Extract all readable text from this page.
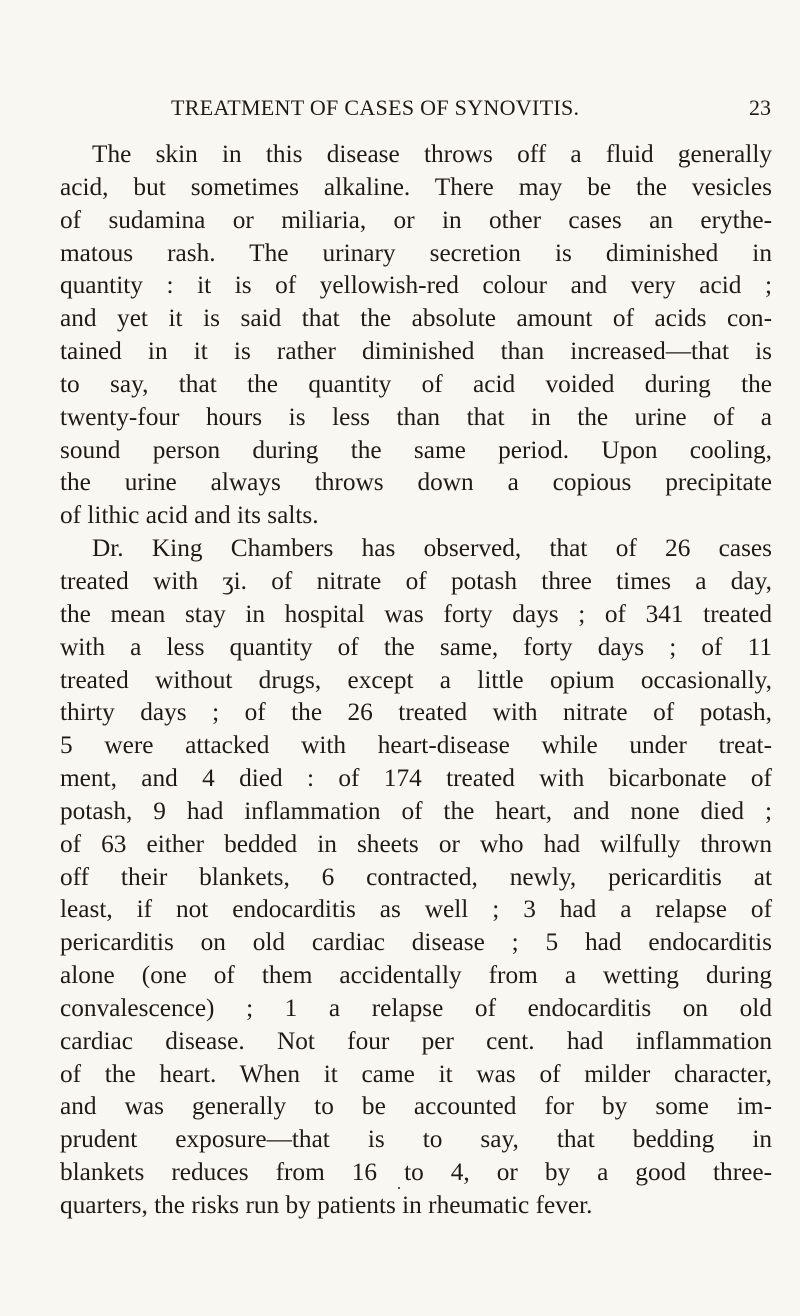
TREATMENT OF CASES OF SYNOVITIS.	23
The skin in this disease throws off a fluid generally
acid, but sometimes alkaline. There may be the vesicles
of sudamina or miliaria, or in other cases an erythe-
matous rash. The urinary secretion is diminished in
quantity : it is of yellowish-red colour and very acid ;
and yet it is said that the absolute amount of acids con-
tained in it is rather diminished than increased—that is
to say, that the quantity of acid voided during the
twenty-four hours is less than that in the urine of a
sound person during the same period. Upon cooling,
the urine always throws down a copious precipitate
of lithic acid and its salts.
Dr. King Chambers has observed, that of 26 cases
treated with ʒi. of nitrate of potash three times a day,
the mean stay in hospital was forty days ; of 341 treated
with a less quantity of the same, forty days ; of 11
treated without drugs, except a little opium occasionally,
thirty days ; of the 26 treated with nitrate of potash,
5 were attacked with heart-disease while under treat-
ment, and 4 died : of 174 treated with bicarbonate of
potash, 9 had inflammation of the heart, and none died ;
of 63 either bedded in sheets or who had wilfully thrown
off their blankets, 6 contracted, newly, pericarditis at
least, if not endocarditis as well ; 3 had a relapse of
pericarditis on old cardiac disease ; 5 had endocarditis
alone (one of them accidentally from a wetting during
convalescence) ; 1 a relapse of endocarditis on old
cardiac disease. Not four per cent. had inflammation
of the heart. When it came it was of milder character,
and was generally to be accounted for by some im-
prudent exposure—that is to say, that bedding in
blankets reduces from 16 to 4, or by a good three-
quarters, the risks run by patients in rheumatic fever.
